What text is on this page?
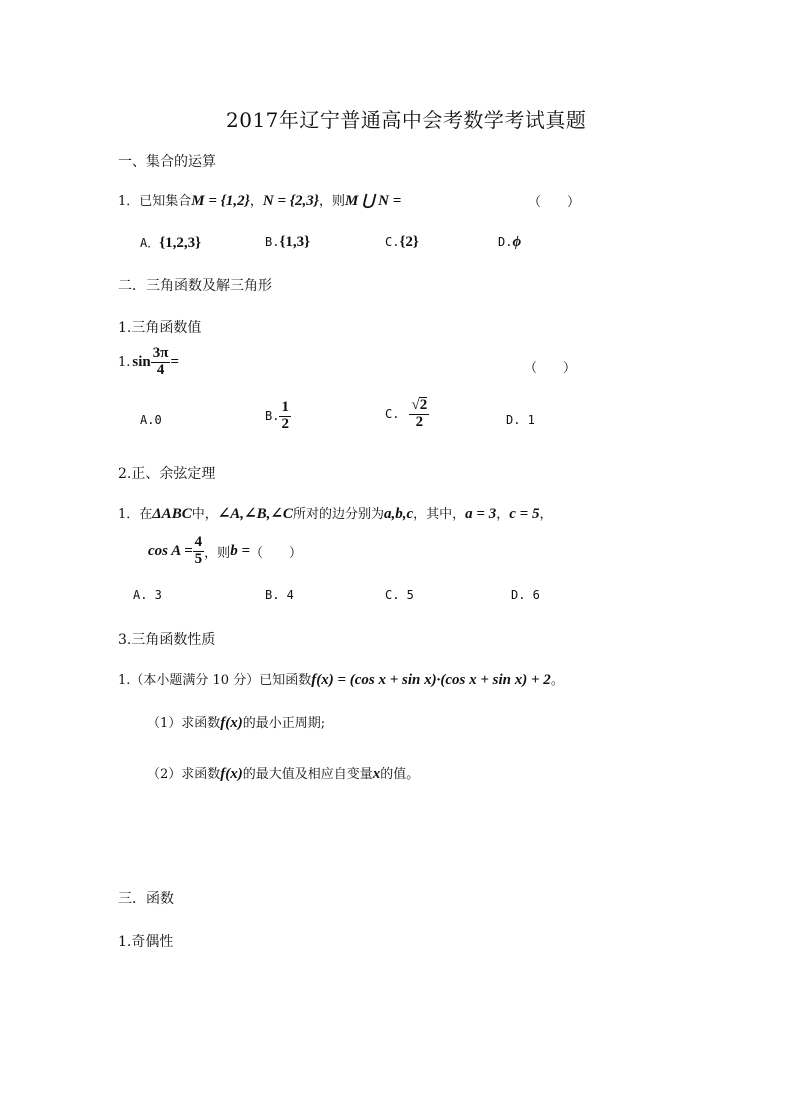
2017年辽宁普通高中会考数学考试真题
一、集合的运算
1．已知集合M = {1,2}，N = {2,3}，则M ⋃ N =	（　　）
A．{1,2,3}	B.{1,3}	C.{2}	D.ϕ
二．三角函数及解三角形
1.三角函数值
1. $\sin \frac{3\pi}{4}$ =	（　　）
A.0	B. $\frac{1}{2}$	C. $\frac{√2}{2}$	D. 1
2.正、余弦定理
1．在ΔABC中，∠A,∠B,∠C所对的边分别为a,b,c，其中，a = 3，c = 5，
$\cos A = \frac{4}{5}$ ，则 b = （　　）
A. 3	B. 4	C. 5	D. 6
3.三角函数性质
1.（本小题满分 10 分）已知函数f(x) = (cos x + sin x)·(cos x + sin x) + 2。
（1）求函数f(x)的最小正周期;
（2）求函数f(x)的最大值及相应自变量x的值。
三．函数
1.奇偶性
